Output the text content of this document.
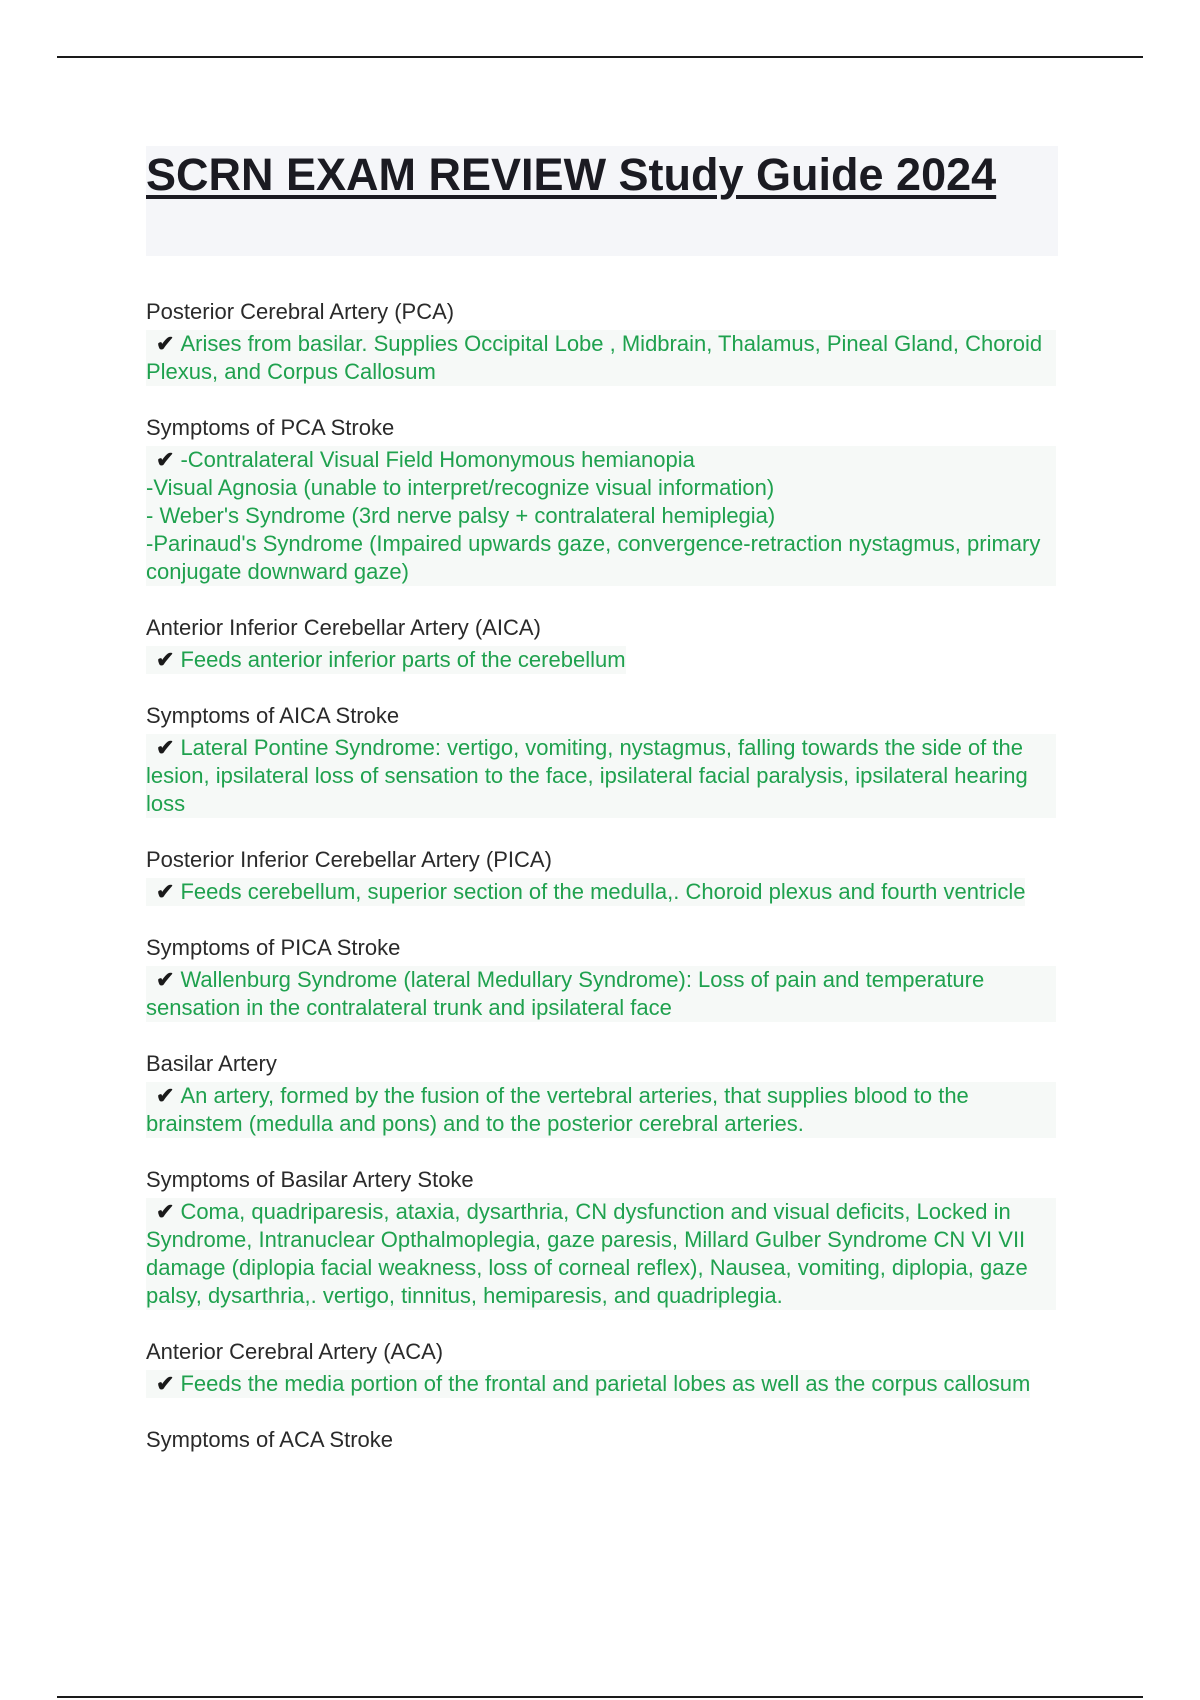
SCRN EXAM REVIEW Study Guide 2024
Posterior Cerebral Artery (PCA)
✔ Arises from basilar. Supplies Occipital Lobe , Midbrain, Thalamus, Pineal Gland, Choroid Plexus, and Corpus Callosum
Symptoms of PCA Stroke
✔ -Contralateral Visual Field Homonymous hemianopia
-Visual Agnosia (unable to interpret/recognize visual information)
- Weber's Syndrome (3rd nerve palsy + contralateral hemiplegia)
-Parinaud's Syndrome (Impaired upwards gaze, convergence-retraction nystagmus, primary conjugate downward gaze)
Anterior Inferior Cerebellar Artery (AICA)
✔ Feeds anterior inferior parts of the cerebellum
Symptoms of AICA Stroke
✔ Lateral Pontine Syndrome: vertigo, vomiting, nystagmus, falling towards the side of the lesion, ipsilateral loss of sensation to the face, ipsilateral facial paralysis, ipsilateral hearing loss
Posterior Inferior Cerebellar Artery (PICA)
✔ Feeds cerebellum, superior section of the medulla,. Choroid plexus and fourth ventricle
Symptoms of PICA Stroke
✔ Wallenburg Syndrome (lateral Medullary Syndrome): Loss of pain and temperature sensation in the contralateral trunk and ipsilateral face
Basilar Artery
✔ An artery, formed by the fusion of the vertebral arteries, that supplies blood to the brainstem (medulla and pons) and to the posterior cerebral arteries.
Symptoms of Basilar Artery Stoke
✔ Coma, quadriparesis, ataxia, dysarthria, CN dysfunction and visual deficits, Locked in Syndrome, Intranuclear Opthalmoplegia, gaze paresis, Millard Gulber Syndrome CN VI VII damage (diplopia facial weakness, loss of corneal reflex), Nausea, vomiting, diplopia, gaze palsy, dysarthria,. vertigo, tinnitus, hemiparesis, and quadriplegia.
Anterior Cerebral Artery (ACA)
✔ Feeds the media portion of the frontal and parietal lobes as well as the corpus callosum
Symptoms of ACA Stroke
